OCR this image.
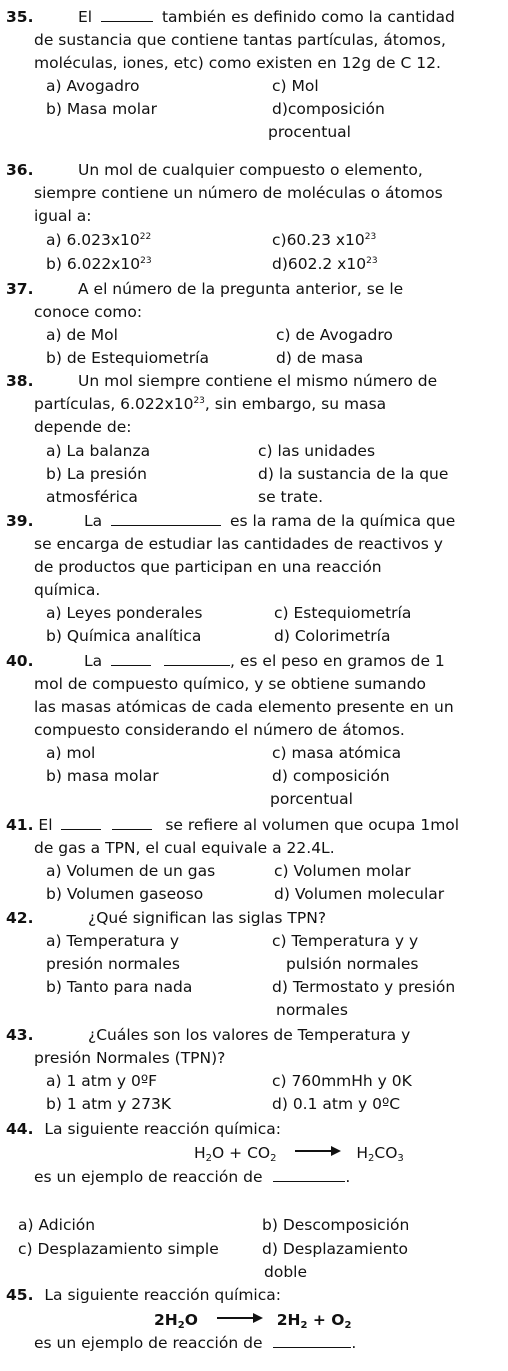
35.	El	también es definido como la cantidad
de sustancia que contiene tantas partículas, átomos,
moléculas, iones, etc) como existen en 12g de C 12.
a) Avogadro	c) Mol
b) Masa molar	d)composición
procentual
36.	Un mol de cualquier compuesto o elemento,
siempre contiene un número de moléculas o átomos
igual a:
a) $6.023x10^{22}$	c)60.23 $x10^{23}$
b) $6.022x10^{23}$	d)602.2 $x10^{23}$
37.	A el número de la pregunta anterior, se le
conoce como:
a) de Mol	c) de Avogadro
b) de Estequiometría	d) de masa
38.	Un mol siempre contiene el mismo número de
partículas, $6.022x10^{23}$, sin embargo, su masa
depende de:
a) La balanza	c) las unidades
b) La presión	d) la sustancia de la que
atmosférica	se trate.
39.	La	es la rama de la química que
se encarga de estudiar las cantidades de reactivos y
de productos que participan en una reacción
química.
a) Leyes ponderales	c) Estequiometría
b) Química analítica	d) Colorimetría
40.	La	, es el peso en gramos de 1
mol de compuesto químico, y se obtiene sumando
las masas atómicas de cada elemento presente en un
compuesto considerando el número de átomos.
a) mol	c) masa atómica
b) masa molar	d) composición
porcentual
41. El	se refiere al volumen que ocupa 1mol
de gas a TPN, el cual equivale a 22.4L.
a) Volumen de un gas	c) Volumen molar
b) Volumen gaseoso	d) Volumen molecular
42.	¿Qué significan las siglas TPN?
a) Temperatura y	c) Temperatura y y
presión normales	pulsión normales
b) Tanto para nada	d) Termostato y presión
normales
43.	¿Cuáles son los valores de Temperatura y
presión Normales (TPN)?
a) 1 atm y 0ºF	c) 760mmHh y 0K
b) 1 atm y 273K	d) 0.1 atm y 0ºC
44. La siguiente reacción química:
$H_2O + CO_2$	$H_2CO_3$
es un ejemplo de reacción de	.
a) Adición	b) Descomposición
c) Desplazamiento simple	d) Desplazamiento
doble
45. La siguiente reacción química:
$2H_2O$	$2H_2 + O_2$
es un ejemplo de reacción de	.
